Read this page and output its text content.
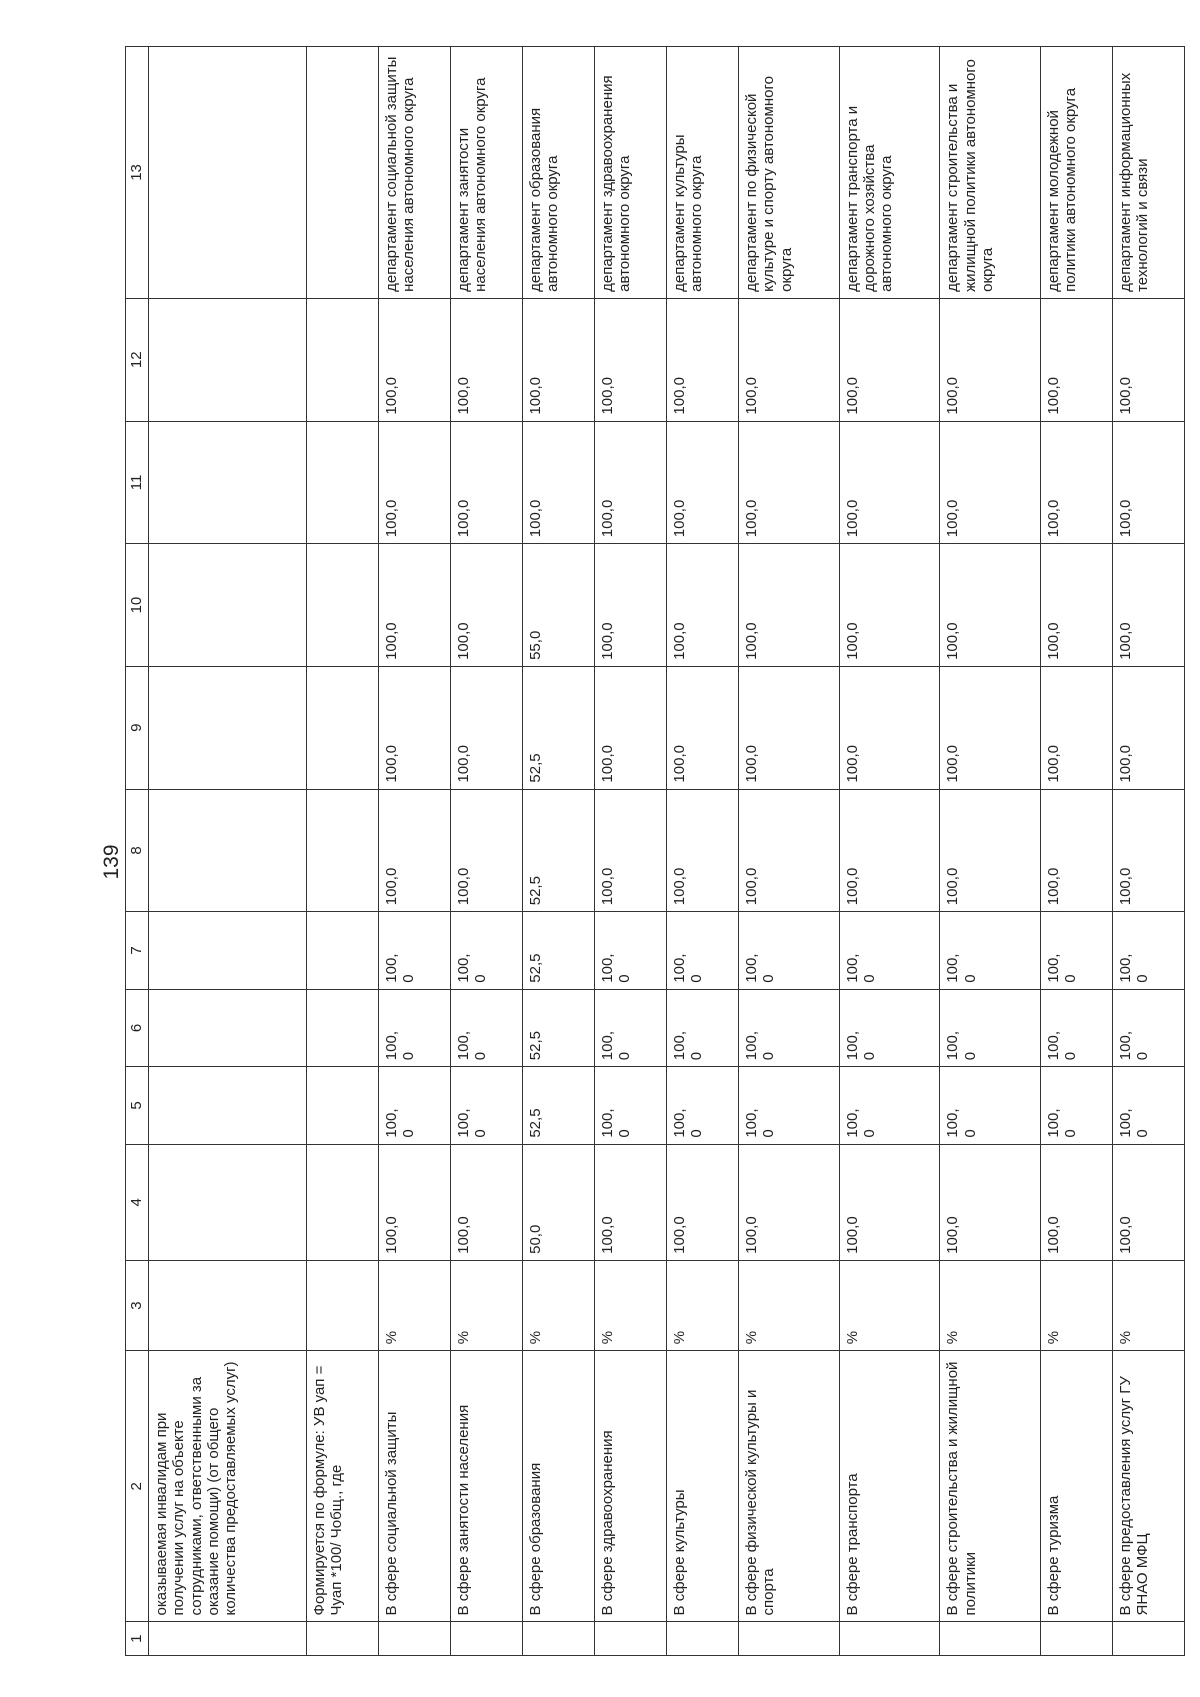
139
1	2	3	4	5	6	7	8	9	10	11	12	13
	оказываемая инвалидам при получении услуг на объекте сотрудниками, ответственными за оказание помощи) (от общего количества предоставляемых услуг)											
	Формируется по формуле: УВ уап = Чуап *100/ Чобщ., где											
	В сфере социальной защиты	%	100,0	100,
0	100,
0	100,
0	100,0	100,0	100,0	100,0	100,0	департамент социальной защиты населения автономного округа
	В сфере занятости населения	%	100,0	100,
0	100,
0	100,
0	100,0	100,0	100,0	100,0	100,0	департамент занятости населения автономного округа
	В сфере образования	%	50,0	52,5	52,5	52,5	52,5	52,5	55,0	100,0	100,0	департамент образования автономного округа
	В сфере здравоохранения	%	100,0	100,
0	100,
0	100,
0	100,0	100,0	100,0	100,0	100,0	департамент здравоохранения автономного округа
	В сфере культуры	%	100,0	100,
0	100,
0	100,
0	100,0	100,0	100,0	100,0	100,0	департамент культуры автономного округа
	В сфере физической культуры и спорта	%	100,0	100,
0	100,
0	100,
0	100,0	100,0	100,0	100,0	100,0	департамент по физической культуре и спорту автономного округа
	В сфере транспорта	%	100,0	100,
0	100,
0	100,
0	100,0	100,0	100,0	100,0	100,0	департамент транспорта и дорожного хозяйства автономного округа
	В сфере строительства и жилищной политики	%	100,0	100,
0	100,
0	100,
0	100,0	100,0	100,0	100,0	100,0	департамент строительства и жилищной политики автономного округа
	В сфере туризма	%	100,0	100,
0	100,
0	100,
0	100,0	100,0	100,0	100,0	100,0	департамент молодежной политики автономного округа
	В сфере предоставления услуг ГУ ЯНАО МФЦ	%	100,0	100,
0	100,
0	100,
0	100,0	100,0	100,0	100,0	100,0	департамент информационных технологий и связи
